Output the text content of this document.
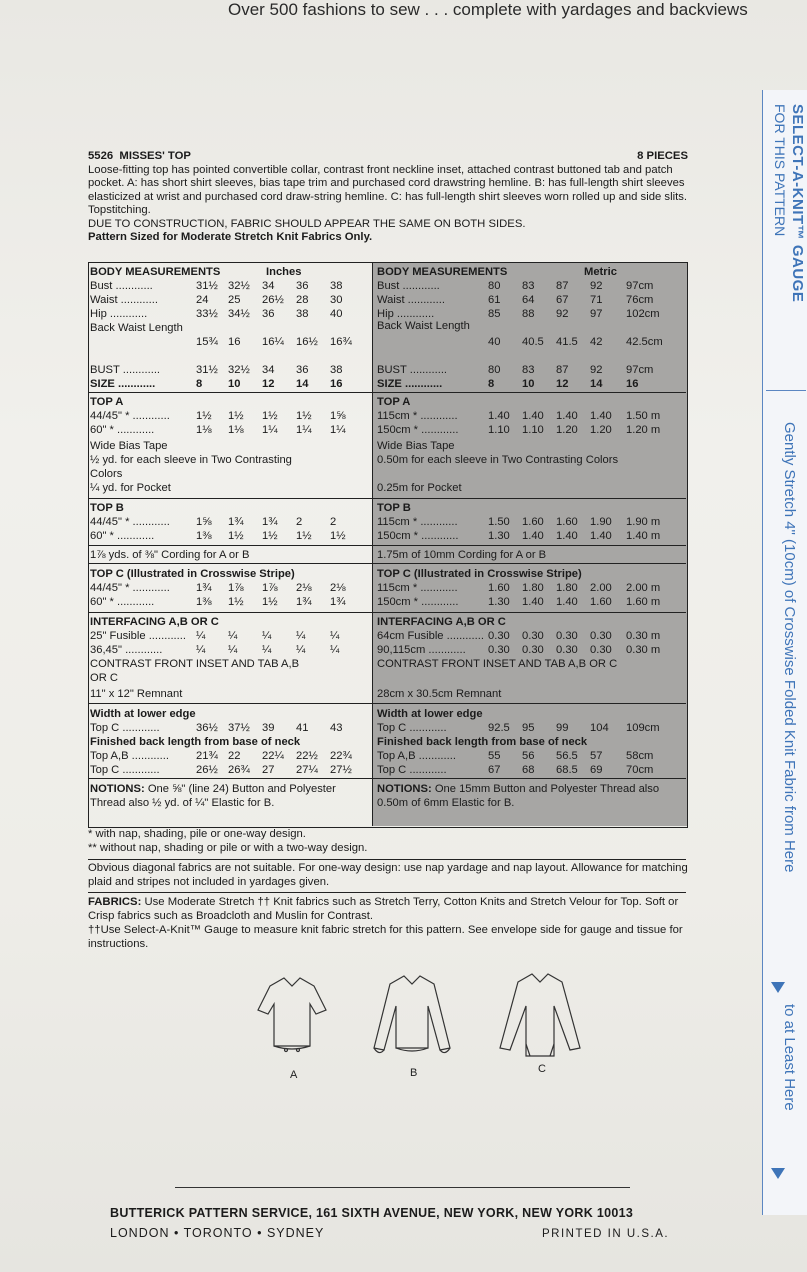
Over 500 fashions to sew . . . complete with yardages and backviews
SELECT-A-KNIT™ GAUGE
FOR THIS PATTERN
Gently Stretch 4" (10cm) of Crosswise Folded Knit Fabric from Here
to at Least Here
5526 MISSES' TOP	8 PIECES
Loose-fitting top has pointed convertible collar, contrast front neckline inset, attached contrast buttoned tab and patch pocket. A: has short shirt sleeves, bias tape trim and purchased cord drawstring hemline. B: has full-length shirt sleeves elasticized at wrist and purchased cord draw-string hemline. C: has full-length shirt sleeves worn rolled up and side slits. Topstitching.
DUE TO CONSTRUCTION, FABRIC SHOULD APPEAR THE SAME ON BOTH SIDES.
Pattern Sized for Moderate Stretch Knit Fabrics Only.
BODY MEASUREMENTS	Inches
Bust ............	31½ 32½ 34 36 38
Waist ............	24 25 26½ 28 30
Hip ............	33½ 34½ 36 38 40
Back Waist Length
15¾ 16 16¼ 16½ 16¾
BUST ............	31½ 32½ 34 36 38
SIZE ............	8 10 12 14 16
TOP A
44/45" * ............ 1½ 1½ 1½ 1½ 1⅝
60" * ............	1⅛ 1⅛ 1¼ 1¼ 1¼
Wide Bias Tape
½ yd. for each sleeve in Two Contrasting
Colors
¼ yd. for Pocket
TOP B
44/45" * ............ 1⅝ 1¾ 1¾ 2 2
60" * ............	1⅜ 1½ 1½ 1½ 1½
1⅞ yds. of ⅜" Cording for A or B
TOP C (Illustrated in Crosswise Stripe)
44/45" * ............ 1¾ 1⅞ 1⅞ 2⅛ 2⅛
60" * ............	1⅜ 1½ 1½ 1¾ 1¾
INTERFACING A,B OR C
25" Fusible ............ ¼ ¼ ¼ ¼ ¼
36,45" ............	¼ ¼ ¼ ¼ ¼
CONTRAST FRONT INSET AND TAB A,B
OR C
11" x 12" Remnant
Width at lower edge
Top C ............	36½ 37½ 39 41 43
Finished back length from base of neck
Top A,B ............ 21¾ 22 22¼ 22½ 22¾
Top C ............	26½ 26¾ 27 27¼ 27½
NOTIONS: One ⅝" (line 24) Button and Polyester Thread also ½ yd. of ¼" Elastic for B.
BODY MEASUREMENTS	Metric
Bust ............	80 83 87 92 97cm
Waist ............	61 64 67 71 76cm
Hip ............	85 88 92 97 102cm
Back Waist Length
40 40.5 41.5 42 42.5cm
BUST ............	80 83 87 92 97cm
SIZE ............	8 10 12 14 16
TOP A
115cm * ............	1.40 1.40 1.40 1.40 1.50 m
150cm * ............	1.10 1.10 1.20 1.20 1.20 m
Wide Bias Tape
0.50m for each sleeve in Two Contrasting Colors
0.25m for Pocket
TOP B
115cm * ............	1.50 1.60 1.60 1.90 1.90 m
150cm * ............	1.30 1.40 1.40 1.40 1.40 m
1.75m of 10mm Cording for A or B
TOP C (Illustrated in Crosswise Stripe)
115cm * ............	1.60 1.80 1.80 2.00 2.00 m
150cm * ............	1.30 1.40 1.40 1.60 1.60 m
INTERFACING A,B OR C
64cm Fusible ............ 0.30 0.30 0.30 0.30 0.30 m
90,115cm ............ 0.30 0.30 0.30 0.30 0.30 m
CONTRAST FRONT INSET AND TAB A,B OR C
28cm x 30.5cm Remnant
Width at lower edge
Top C ............	92.5 95 99 104 109cm
Finished back length from base of neck
Top A,B ............	55 56 56.5 57 58cm
Top C ............	67 68 68.5 69 70cm
NOTIONS: One 15mm Button and Polyester Thread also 0.50m of 6mm Elastic for B.
* with nap, shading, pile or one-way design.
** without nap, shading or pile or with a two-way design.
Obvious diagonal fabrics are not suitable. For one-way design: use nap yardage and nap layout. Allowance for matching plaid and stripes not included in yardages given.
FABRICS: Use Moderate Stretch †† Knit fabrics such as Stretch Terry, Cotton Knits and Stretch Velour for Top. Soft or Crisp fabrics such as Broadcloth and Muslin for Contrast.
††Use Select-A-Knit™ Gauge to measure knit fabric stretch for this pattern. See envelope side for gauge and tissue for instructions.
A	B	C
BUTTERICK PATTERN SERVICE, 161 SIXTH AVENUE, NEW YORK, NEW YORK 10013
LONDON • TORONTO • SYDNEY	PRINTED IN U.S.A.
